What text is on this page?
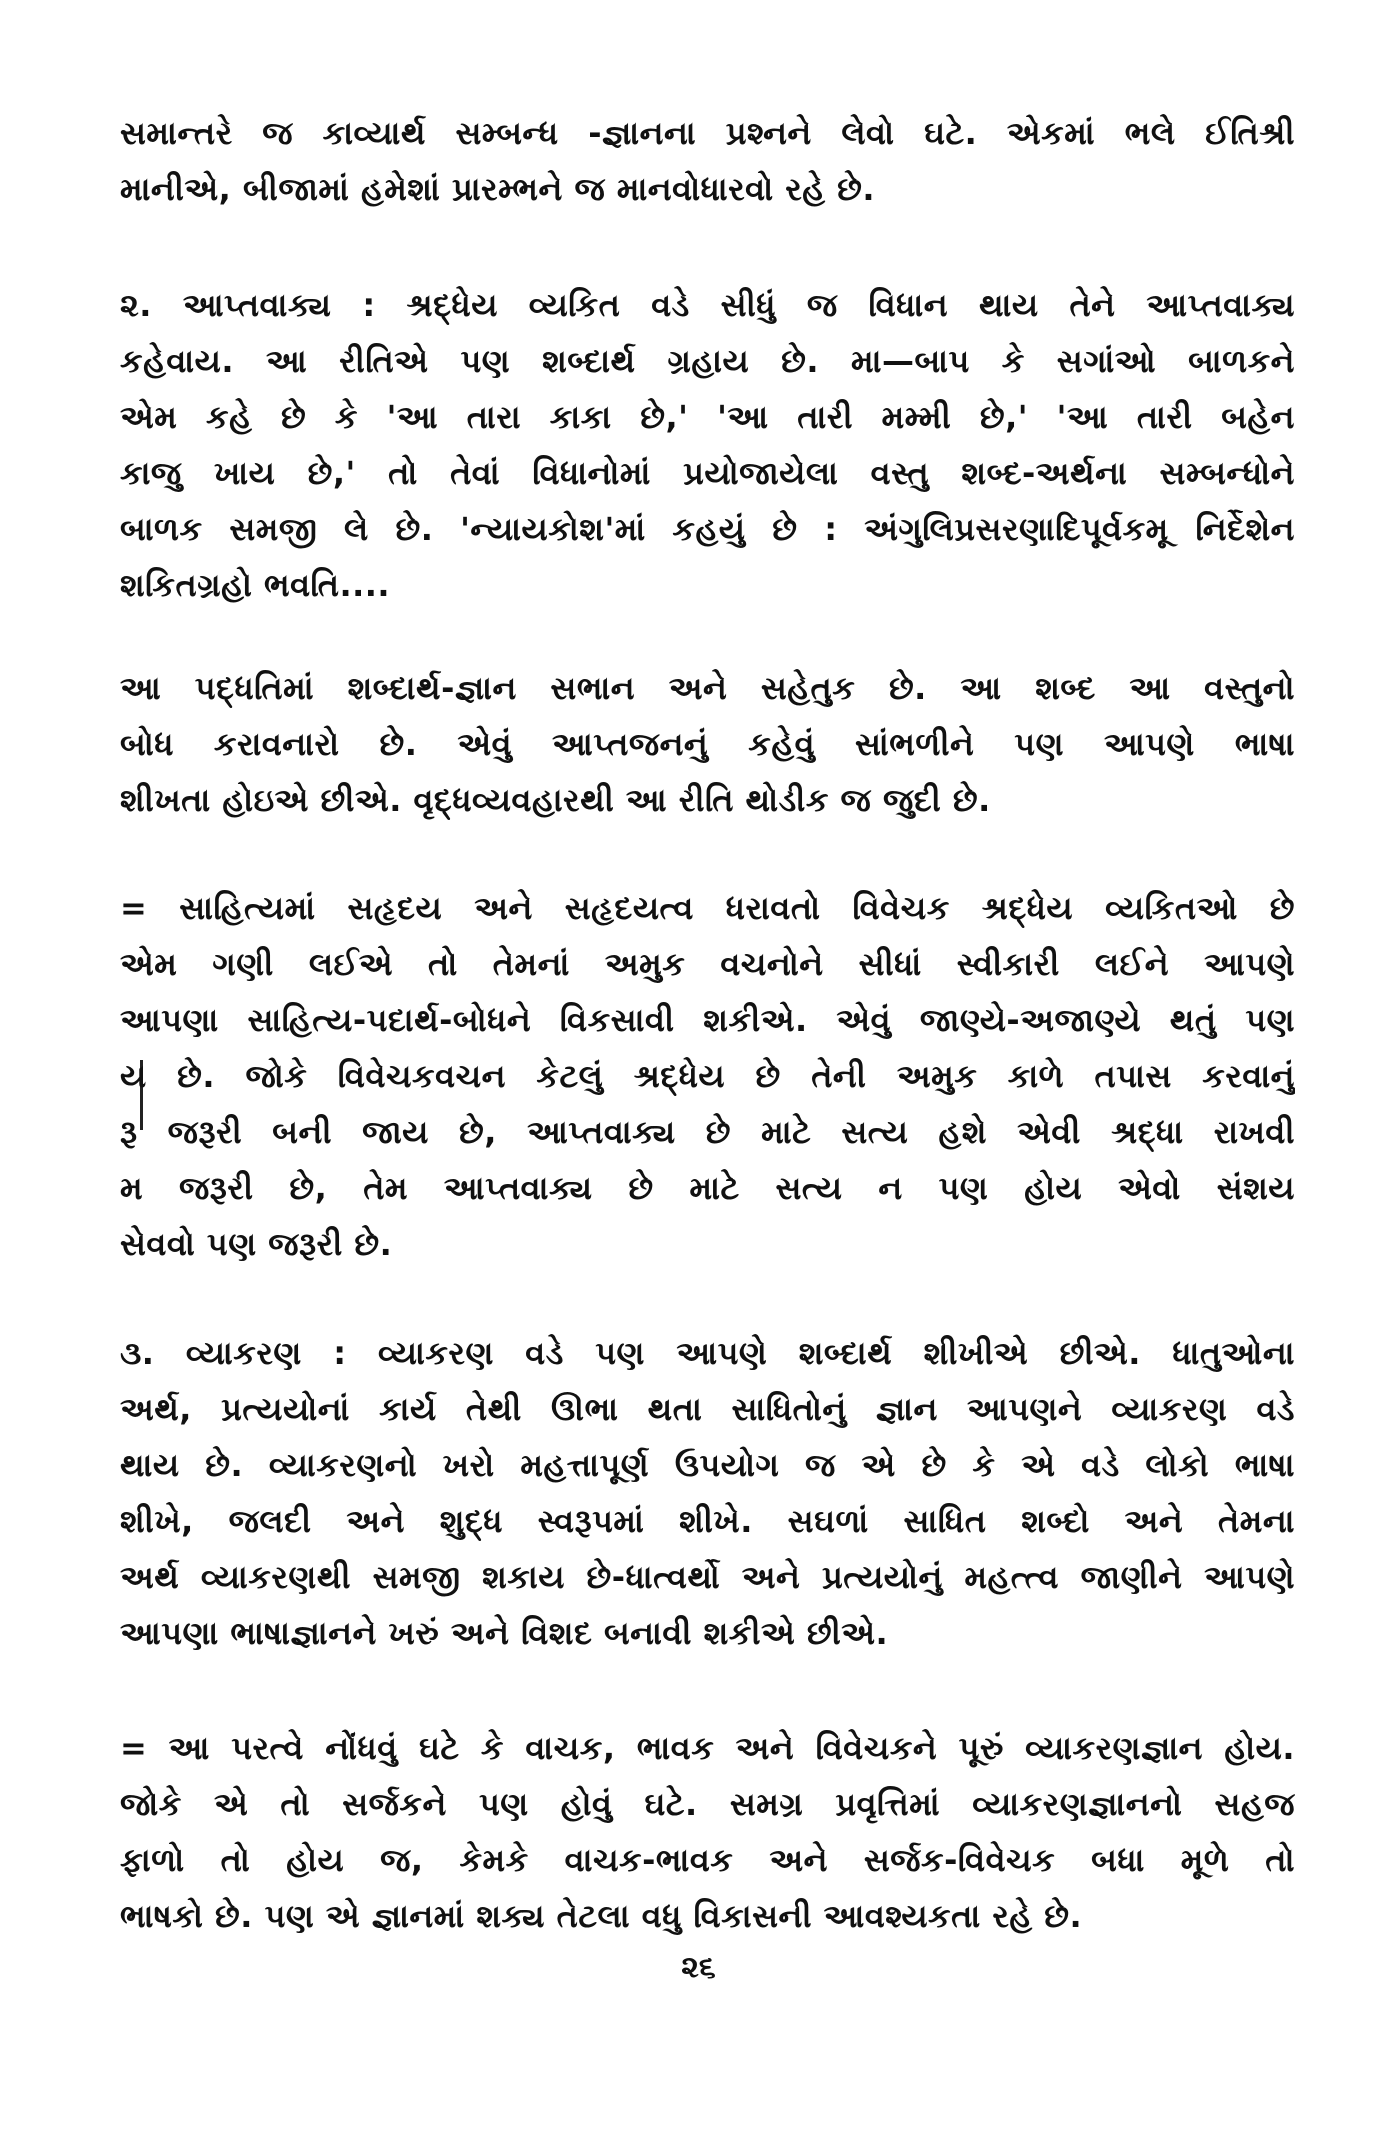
સમાન્તરે જ કાવ્યાર્થ સમ્બન્ધ -જ્ઞાનના પ્રશ્નને લેવો ઘટે. એકમાં ભલે ઈતિશ્રી
માનીએ, બીજામાં હમેશાં પ્રારમ્ભને જ માનવોધારવો રહે છે.
૨. આપ્તવાક્ય : શ્રદ્ધેય વ્યકિત વડે સીધું જ વિધાન થાય તેને આપ્તવાક્ય
કહેવાય. આ રીતિએ પણ શબ્દાર્થ ગ્રહાય છે. મા—બાપ કે સગાંઓ બાળકને
એમ કહે છે કે 'આ તારા કાકા છે,' 'આ તારી મમ્મી છે,' 'આ તારી બહેન
કાજુ ખાય છે,' તો તેવાં વિધાનોમાં પ્રયોજાયેલા વસ્તુ શબ્દ-અર્થના સમ્બન્ધોને
બાળક સમજી લે છે. 'ન્યાયકોશ'માં કહયું છે : અંગુલિપ્રસરણાદિપૂર્વકમૂ નિર્દેશેન
શકિતગ્રહો ભવતિ....
આ પદ્ધતિમાં શબ્દાર્થ-જ્ઞાન સભાન અને સહેતુક છે. આ શબ્દ આ વસ્તુનો
બોધ કરાવનારો છે. એવું આપ્તજનનું કહેવું સાંભળીને પણ આપણે ભાષા
શીખતા હોઇએ છીએ. વૃદ્ધવ્યવહારથી આ રીતિ થોડીક જ જુદી છે.
= સાહિત્યમાં સહૃદય અને સહૃદયત્વ ધરાવતો વિવેચક શ્રદ્ધેય વ્યકિતઓ છે
એમ ગણી લઈએ તો તેમનાં અમુક વચનોને સીધાં સ્વીકારી લઈને આપણે
આપણા સાહિત્ય-પદાર્થ-બોધને વિકસાવી શકીએ. એવું જાણ્યે-અજાણ્યે થતું પણ
ય છે. જોકે વિવેચકવચન કેટલું શ્રદ્ધેય છે તેની અમુક કાળે તપાસ કરવાનું
રૂ જરૂરી બની જાય છે, આપ્તવાક્ય છે માટે સત્ય હશે એવી શ્રદ્ધા રાખવી
મ જરૂરી છે, તેમ આપ્તવાક્ય છે માટે સત્ય ન પણ હોય એવો સંશય
સેવવો પણ જરૂરી છે.
૩. વ્યાકરણ : વ્યાકરણ વડે પણ આપણે શબ્દાર્થ શીખીએ છીએ. ધાતુઓના
અર્થ, પ્રત્યયોનાં કાર્ય તેથી ઊભા થતા સાધિતોનું જ્ઞાન આપણને વ્યાકરણ વડે
થાય છે. વ્યાકરણનો ખરો મહત્તાપૂર્ણ ઉપયોગ જ એ છે કે એ વડે લોકો ભાષા
શીખે, જલદી અને શુદ્ધ સ્વરૂપમાં શીખે. સઘળાં સાધિત શબ્દો અને તેમના
અર્થ વ્યાકરણથી સમજી શકાય છે-ધાત્વર્થો અને પ્રત્યયોનું મહત્ત્વ જાણીને આપણે
આપણા ભાષાજ્ઞાનને ખરું અને વિશદ બનાવી શકીએ છીએ.
= આ પરત્વે નોંધવું ઘટે કે વાચક, ભાવક અને વિવેચકને પૂરું વ્યાકરણજ્ઞાન હોય.
જોકે એ તો સર્જકને પણ હોવું ઘટે. સમગ્ર પ્રવૃત્તિમાં વ્યાકરણજ્ઞાનનો સહજ
ફાળો તો હોય જ, કેમકે વાચક-ભાવક અને સર્જક-વિવેચક બધા મૂળે તો
ભાષકો છે. પણ એ જ્ઞાનમાં શક્ય તેટલા વધુ વિકાસની આવશ્યકતા રહે છે.
૨૬
